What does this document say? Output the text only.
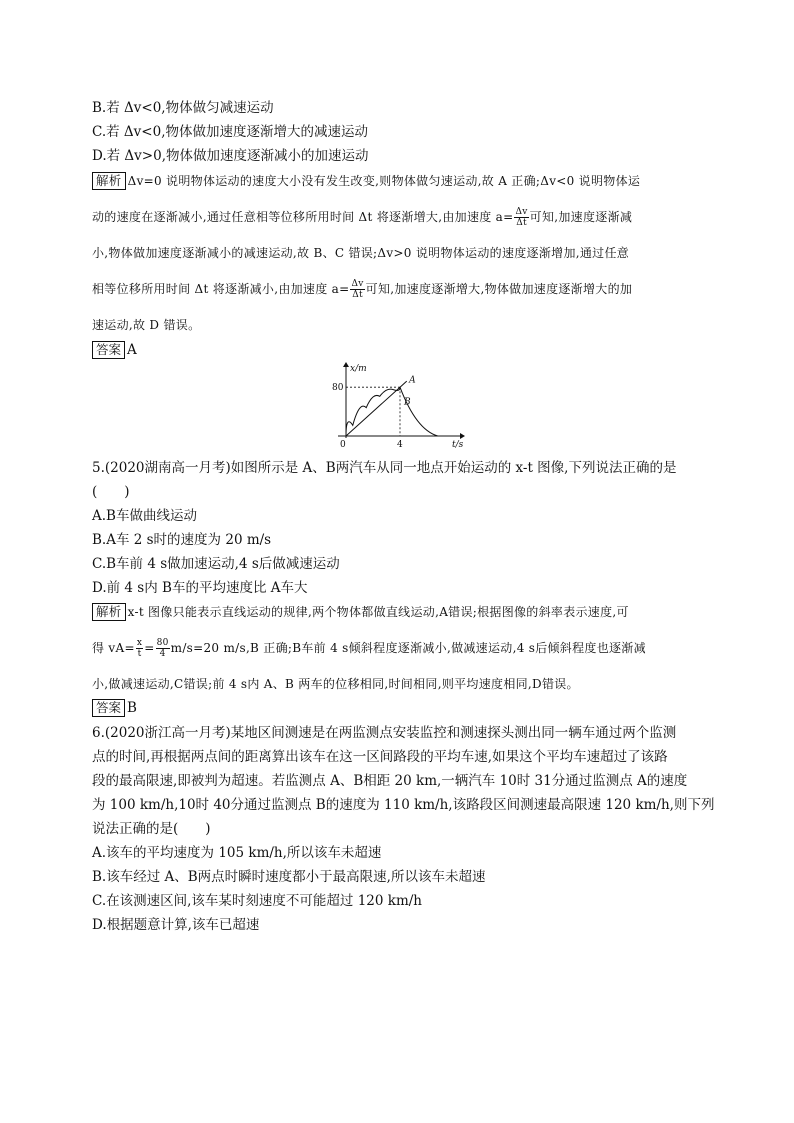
B.若 Δv<0,物体做匀减速运动
C.若 Δv<0,物体做加速度逐渐增大的减速运动
D.若 Δv>0,物体做加速度逐渐减小的加速运动
解析 Δv=0 说明物体运动的速度大小没有发生改变,则物体做匀速运动,故 A 正确;Δv<0 说明物体运
动的速度在逐渐减小,通过任意相等位移所用时间 Δt 将逐渐增大,由加速度 $a= \frac{\Delta v}{\Delta t}$ 可知,加速度逐渐减
小,物体做加速度逐渐减小的减速运动,故 B、C 错误;Δv>0 说明物体运动的速度逐渐增加,通过任意
相等位移所用时间 Δt 将逐渐减小,由加速度 $a= \frac{\Delta v}{\Delta t}$ 可知,加速度逐渐增大,物体做加速度逐渐增大的加
速运动,故 D 错误。
答案 A
x/m
t/s
0	4
80
A
B
5.(2020湖南高一月考)如图所示是 A、B两汽车从同一地点开始运动的 x-t 图像,下列说法正确的是
(　　)
A.B车做曲线运动
B.A车 2 s时的速度为 20 m/s
C.B车前 4 s做加速运动,4 s后做减速运动
D.前 4 s内 B车的平均速度比 A车大
解析 x-t 图像只能表示直线运动的规律,两个物体都做直线运动,A错误;根据图像的斜率表示速度,可
得 $vA= \frac{x}{t} = \frac{80}{4} m/s=20$ m/s,B 正确;B车前 4 s倾斜程度逐渐减小,做减速运动,4 s后倾斜程度也逐渐减
小,做减速运动,C错误;前 4 s内 A、B 两车的位移相同,时间相同,则平均速度相同,D错误。
答案 B
6.(2020浙江高一月考)某地区间测速是在两监测点安装监控和测速探头测出同一辆车通过两个监测
点的时间,再根据两点间的距离算出该车在这一区间路段的平均车速,如果这个平均车速超过了该路
段的最高限速,即被判为超速。若监测点 A、B相距 20 km,一辆汽车 10时 31分通过监测点 A的速度
为 100 km/h,10时 40分通过监测点 B的速度为 110 km/h,该路段区间测速最高限速 120 km/h,则下列
说法正确的是(　　)
A.该车的平均速度为 105 km/h,所以该车未超速
B.该车经过 A、B两点时瞬时速度都小于最高限速,所以该车未超速
C.在该测速区间,该车某时刻速度不可能超过 120 km/h
D.根据题意计算,该车已超速
